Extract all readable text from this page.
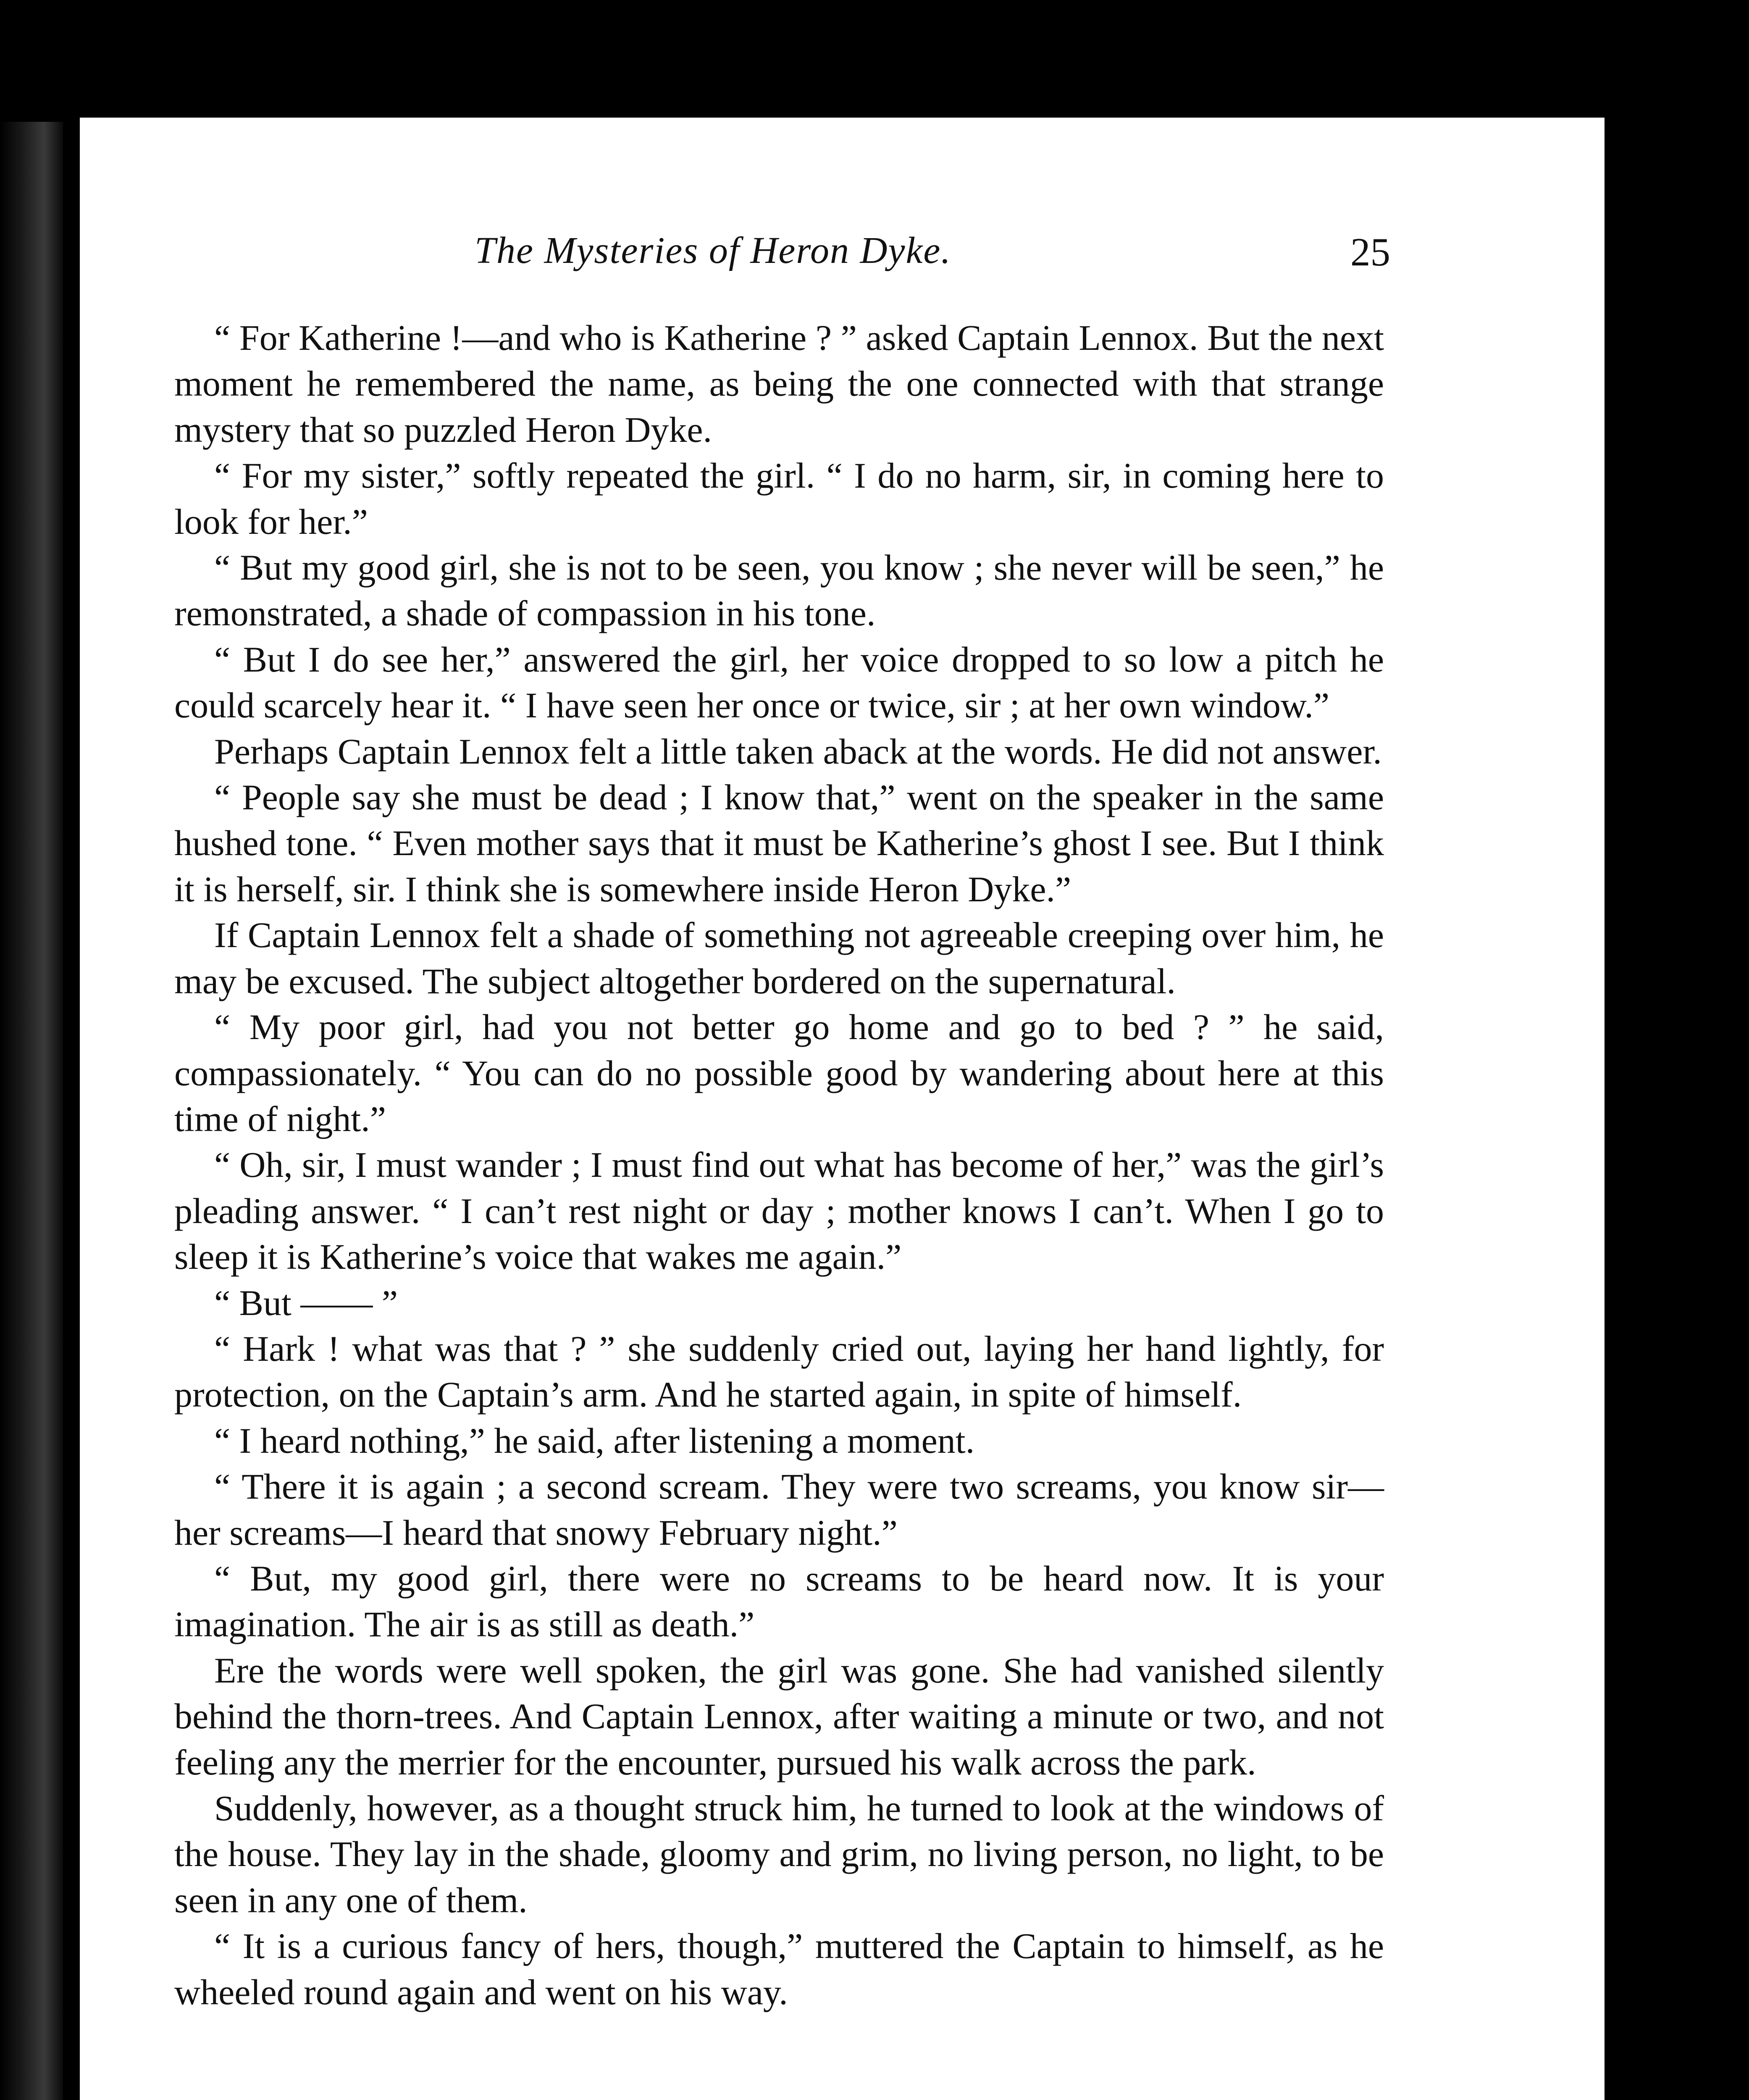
The Mysteries of Heron Dyke.	25

“ For Katherine !—and who is Katherine ? ” asked Captain Lennox. But the next moment he remembered the name, as being the one connected with that strange mystery that so puzzled Heron Dyke.

“ For my sister,” softly repeated the girl. “ I do no harm, sir, in coming here to look for her.”

“ But my good girl, she is not to be seen, you know ; she never will be seen,” he remonstrated, a shade of compassion in his tone.

“ But I do see her,” answered the girl, her voice dropped to so low a pitch he could scarcely hear it. “ I have seen her once or twice, sir ; at her own window.”

Perhaps Captain Lennox felt a little taken aback at the words. He did not answer.

“ People say she must be dead ; I know that,” went on the speaker in the same hushed tone. “ Even mother says that it must be Katherine’s ghost I see. But I think it is herself, sir. I think she is somewhere inside Heron Dyke.”

If Captain Lennox felt a shade of something not agreeable creeping over him, he may be excused. The subject altogether bordered on the supernatural.

“ My poor girl, had you not better go home and go to bed ? ” he said, compassionately. “ You can do no possible good by wandering about here at this time of night.”

“ Oh, sir, I must wander ; I must find out what has become of her,” was the girl’s pleading answer. “ I can’t rest night or day ; mother knows I can’t. When I go to sleep it is Katherine’s voice that wakes me again.”

“ But —— ”

“ Hark ! what was that ? ” she suddenly cried out, laying her hand lightly, for protection, on the Captain’s arm. And he started again, in spite of himself.

“ I heard nothing,” he said, after listening a moment.

“ There it is again ; a second scream. They were two screams, you know sir—her screams—I heard that snowy February night.”

“ But, my good girl, there were no screams to be heard now. It is your imagination. The air is as still as death.”

Ere the words were well spoken, the girl was gone. She had vanished silently behind the thorn-trees. And Captain Lennox, after waiting a minute or two, and not feeling any the merrier for the encounter, pursued his walk across the park.

Suddenly, however, as a thought struck him, he turned to look at the windows of the house. They lay in the shade, gloomy and grim, no living person, no light, to be seen in any one of them.

“ It is a curious fancy of hers, though,” muttered the Captain to himself, as he wheeled round again and went on his way.
